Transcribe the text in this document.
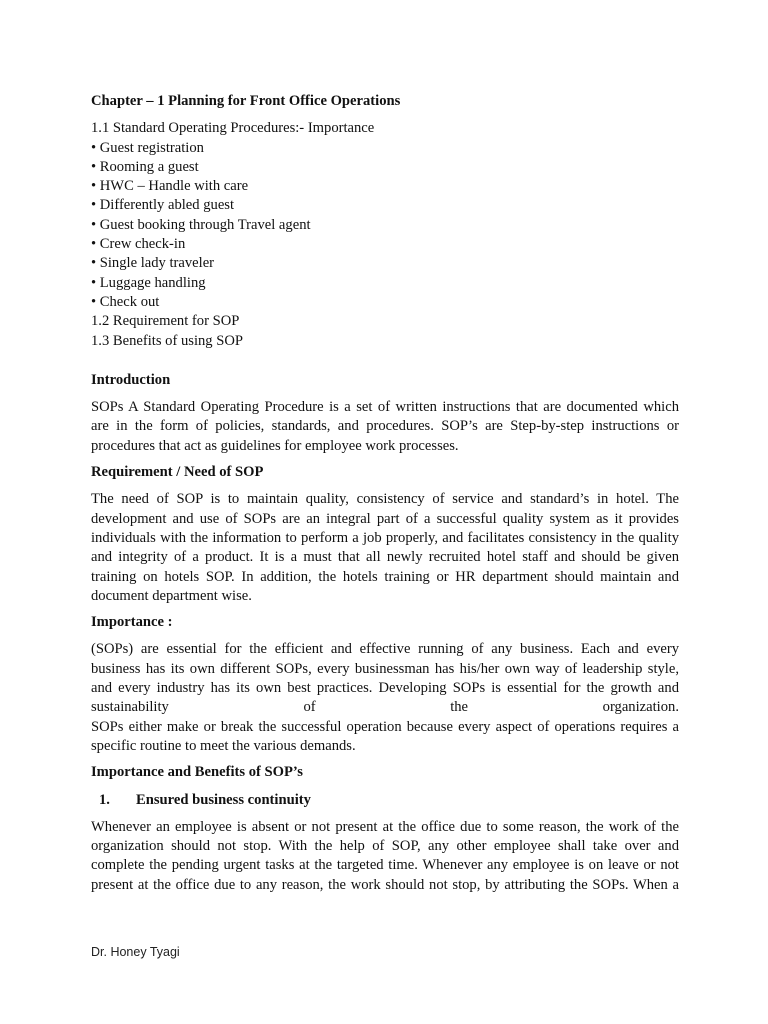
Chapter – 1 Planning for Front Office Operations

1.1 Standard Operating Procedures:- Importance

• Guest registration

• Rooming a guest

• HWC – Handle with care

• Differently abled guest

• Guest booking through Travel agent

• Crew check-in

• Single lady traveler

• Luggage handling

• Check out

1.2 Requirement for SOP

1.3 Benefits of using SOP

Introduction
SOPs A Standard Operating Procedure is a set of written instructions that are documented which
are in the form of policies, standards, and procedures. SOP’s are Step-by-step instructions or
procedures that act as guidelines for employee work processes.
Requirement / Need of SOP
The need of SOP is to maintain quality, consistency of service and standard’s in hotel. The
development and use of SOPs are an integral part of a successful quality system as it provides
individuals with the information to perform a job properly, and facilitates consistency in the quality
and integrity of a product. It is a must that all newly recruited hotel staff and should be given
training on hotels SOP. In addition, the hotels training or HR department should maintain and
document department wise.
Importance :
(SOPs) are essential for the efficient and effective running of any business. Each and every
business has its own different SOPs, every businessman has his/her own way of leadership style,
and every industry has its own best practices. Developing SOPs is essential for the growth and
sustainability	of	the	organization.
SOPs either make or break the successful operation because every aspect of operations requires a
specific routine to meet the various demands.
Importance and Benefits of SOP’s
1. Ensured business continuity
Whenever an employee is absent or not present at the office due to some reason, the work of the
organization should not stop. With the help of SOP, any other employee shall take over and
complete the pending urgent tasks at the targeted time. Whenever any employee is on leave or not
present at the office due to any reason, the work should not stop, by attributing the SOPs. When a
Dr. Honey Tyagi
